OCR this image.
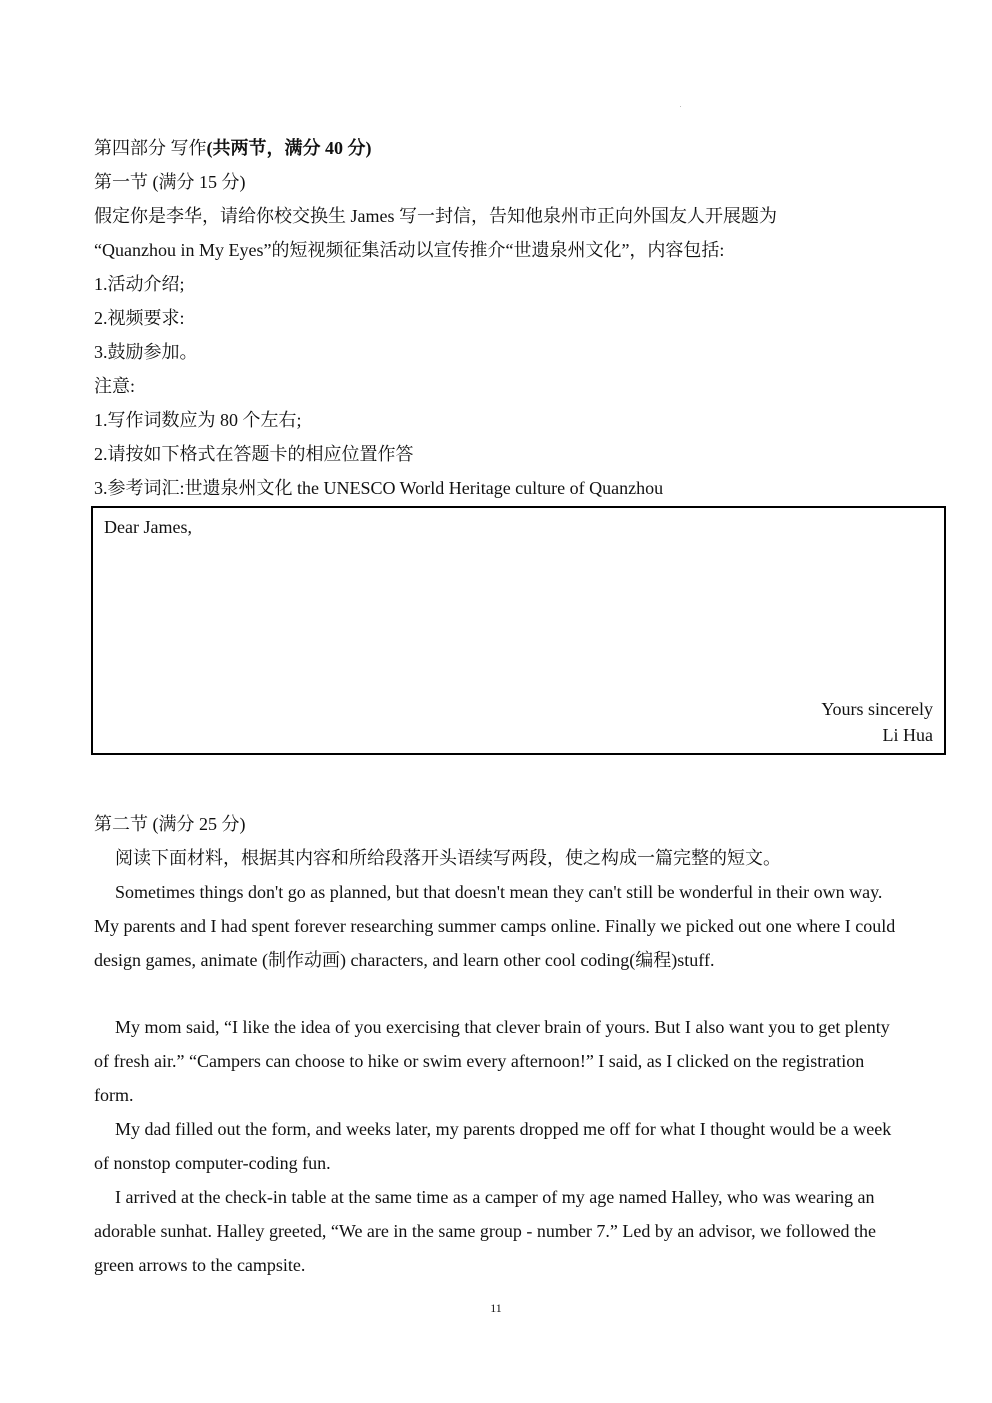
第四部分 写作(共两节，满分 40 分)
第一节 (满分 15 分)
假定你是李华，请给你校交换生 James 写一封信，告知他泉州市正向外国友人开展题为
“Quanzhou in My Eyes”的短视频征集活动以宣传推介“世遗泉州文化”，内容包括:
1.活动介绍;
2.视频要求:
3.鼓励参加。
注意:
1.写作词数应为 80 个左右;
2.请按如下格式在答题卡的相应位置作答
3.参考词汇:世遗泉州文化 the UNESCO World Heritage culture of Quanzhou
Dear James,
Yours sincerely
Li Hua
第二节 (满分 25 分)
阅读下面材料，根据其内容和所给段落开头语续写两段，使之构成一篇完整的短文。
Sometimes things don't go as planned, but that doesn't mean they can't still be wonderful in their own way. My parents and I had spent forever researching summer camps online. Finally we picked out one where I could design games, animate (制作动画) characters, and learn other cool coding(编程)stuff.
My mom said, “I like the idea of you exercising that clever brain of yours. But I also want you to get plenty of fresh air.” “Campers can choose to hike or swim every afternoon!” I said, as I clicked on the registration form.
My dad filled out the form, and weeks later, my parents dropped me off for what I thought would be a week of nonstop computer-coding fun.
I arrived at the check-in table at the same time as a camper of my age named Halley, who was wearing an adorable sunhat. Halley greeted, “We are in the same group - number 7.” Led by an advisor, we followed the green arrows to the campsite.
11
